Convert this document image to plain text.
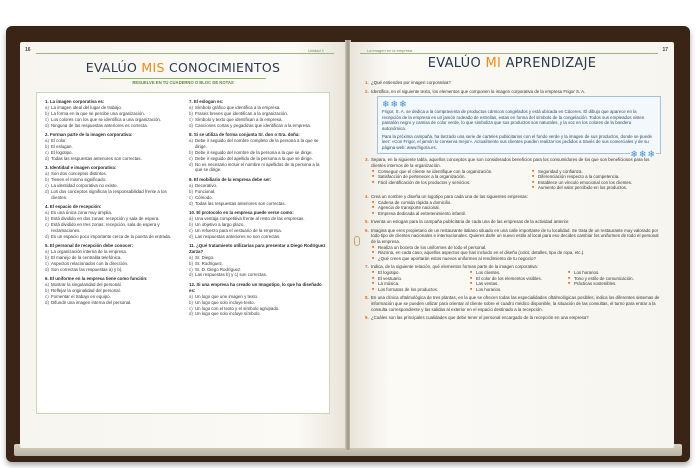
16	Unidad 1
EVALÚO MIS CONOCIMIENTOS
RESUELVE EN TU CUADERNO O BLOC DE NOTAS
1. La imagen corporativa es:
a) La imagen ideal del lugar de trabajo.
b) La forma en la que se percibe una organización.
c) Los colores con los que se identifica a una organización.
d) Ninguna de las respuestas anteriores es correcta.
2. Forman parte de la imagen corporativa:
a) El color.
b) El eslogan.
c) El logotipo.
d) Todas las respuestas anteriores son correctas.
3. Identidad e imagen corporativa:
a) Son dos conceptos distintos.
b) Tienen el mismo significado.
c) La identidad corporativa no existe.
d) Los dos conceptos significan la responsabilidad frente a los clientes.
4. El espacio de recepción:
a) Es una única zona muy amplia.
b) Está dividido en dos zonas: recepción y sala de espera.
c) Está dividido en tres zonas: recepción, sala de espera y reclamaciones.
d) Es un espacio poco importante cerca de la puerta de entrada.
5. El personal de recepción debe conocer:
a) La organización interna de la empresa.
b) El manejo de la centralita telefónica.
c) Aspectos relacionados con la dirección.
d) Son correctas las respuestas a) y b).
6. El uniforme en la empresa tiene como función:
a) Mostrar la singularidad del personal.
b) Reflejar la originalidad del personal.
c) Fomentar el trabajo en equipo.
d) Difundir una imagen interna del personal.
7. El eslogan es:
a) Símbolo gráfico que identifica a la empresa.
b) Frases breves que identifican a la organización.
c) Símbolo y texto que identifican a la empresa.
d) Canciones cortas y pegadizas que identifican a la empresa.
8. Si se utiliza de forma conjunta Sr. don o Sra. doña:
a) Debe ir seguido del nombre completo de la persona a la que se dirige.
b) Debe ir seguido del nombre de la persona a la que se dirige.
c) Debe ir seguido del apellido de la persona a la que se dirige.
d) No es necesario incluir el nombre ni apellidos de la persona a la que se dirige.
9. El mobiliario de la empresa debe ser:
a) Decorativo.
b) Funcional.
c) Cómodo.
d) Todas las respuestas anteriores son correctas.
10. El protocolo en la empresa puede verse como:
a) Una ventaja competitiva frente al resto de las empresas.
b) Un objetivo a largo plazo.
c) Un refuerzo para el vestuario de la empresa.
d) Las respuestas anteriores no son correctas.
11. ¿Qué tratamiento utilizarías para presentar a Diego Rodríguez Zarza?
a) Sr. Diego.
b) Sr. Rodríguez.
c) Sr. D. Diego Rodríguez.
d) Las respuestas b) y c) son correctas.
12. Si una empresa ha creado un Imagotipo, lo que ha diseñado es:
a) Un logo que une imagen y texto.
b) Un logo que solo incluye texto.
c) Un logo con el texto y el símbolo agrupado.
d) Un logo que solo incluye símbolo.
La imagen en la empresa	17
EVALÚO MI APRENDIZAJE
1. ¿Qué entiendes por imagen corporativa?
2. Identifica, en el siguiente texto, los elementos que componen la imagen corporativa de la empresa Frigor S. A.
❄❄❄
Frigor, S. A. se dedica a la compraventa de productos cárnicos congelados y está ubicada en Cáceres. El dibujo que aparece en la recepción de la empresa es un jamón rodeado de estrellas, estas en forma del símbolo de la congelación. Todos sus empleados visten pantalón negro y camisa de color verde, lo que simboliza que sus productos son naturales, y la voz en los colores de la bandera autonómica.
Para la próxima campaña, ha lanzado una serie de carteles publicitarios con el fondo verde y la imagen de sus productos, donde se puede leer: «Con Frigor, el jamón lo conserva mejor». Actualmente sus clientes pueden realizar los pedidos a través de sus comerciales y de su página web: www.frigora.es.
❄❄❄
3. Separa, en la siguiente tabla, aquellos conceptos que son considerados beneficios para los consumidores de los que son beneficiosos para los clientes internos de la organización.
■ Conseguir que el cliente se identifique con la organización.	■ Seguridad y confianza.
■ Satisfacción de pertenecer a la organización.	■ Diferenciación respecto a la competencia.
■ Fácil identificación de los productos y servicios.	■ Establece un vínculo emocional con los clientes.
■ Aumento del valor percibido en los productos.
4. Crea un nombre y diseña un logotipo para cada una de las siguientes empresas:
■ Cadena de comida rápida a domicilio.
■ Agencia de transporte nacional.
■ Empresa dedicada al entretenimiento infantil.
5. Inventa un eslogan para la campaña publicitaria de cada una de las empresas de la actividad anterior.
6. Imagina que eres propietario de un restaurante italiano situado en una calle importante de tu localidad. Se trata de un restaurante muy valorado por todo tipo de clientes nacionales e internacionales. Quieres darle un nuevo estilo al local para eso decides cambiar los uniformes de todo el personal de la empresa.
■ Realiza un boceto de los uniformes de todo el personal.
■ Razona, en cada caso, aquellos aspectos que has incluido en el diseño (color, detalles, tipo de ropa, etc.).
■ ¿Qué crees que aportarán estos nuevos uniformes al rendimiento de tu negocio?
7. Indica, de la siguiente relación, qué elementos forman parte de la imagen corporativa:
■ El logotipo.	■ Los clientes.	■ Los horarios.
■ El vestuario.	■ El color de los elementos visibles.	■ Tono y estilo de comunicación.
■ La música.	■ Las ventas.	■ Prácticas sostenibles.
■ Los formatos de los productos.	■ Los horarios.
8. En una clínica oftalmológica de tres plantas, en la que se ofrecen todas las especialidades oftalmológicas posibles, indica los diferentes sistemas de información que se pueden utilizar para orientar al cliente sobre el cuadro médico disponible, la situación de las consultas, el turno para entrar a la consulta correspondiente y las salidas al exterior en el espacio destinado a la recepción.
9. ¿Cuáles son las principales cualidades que debe tener el personal encargado de la recepción en una empresa?
